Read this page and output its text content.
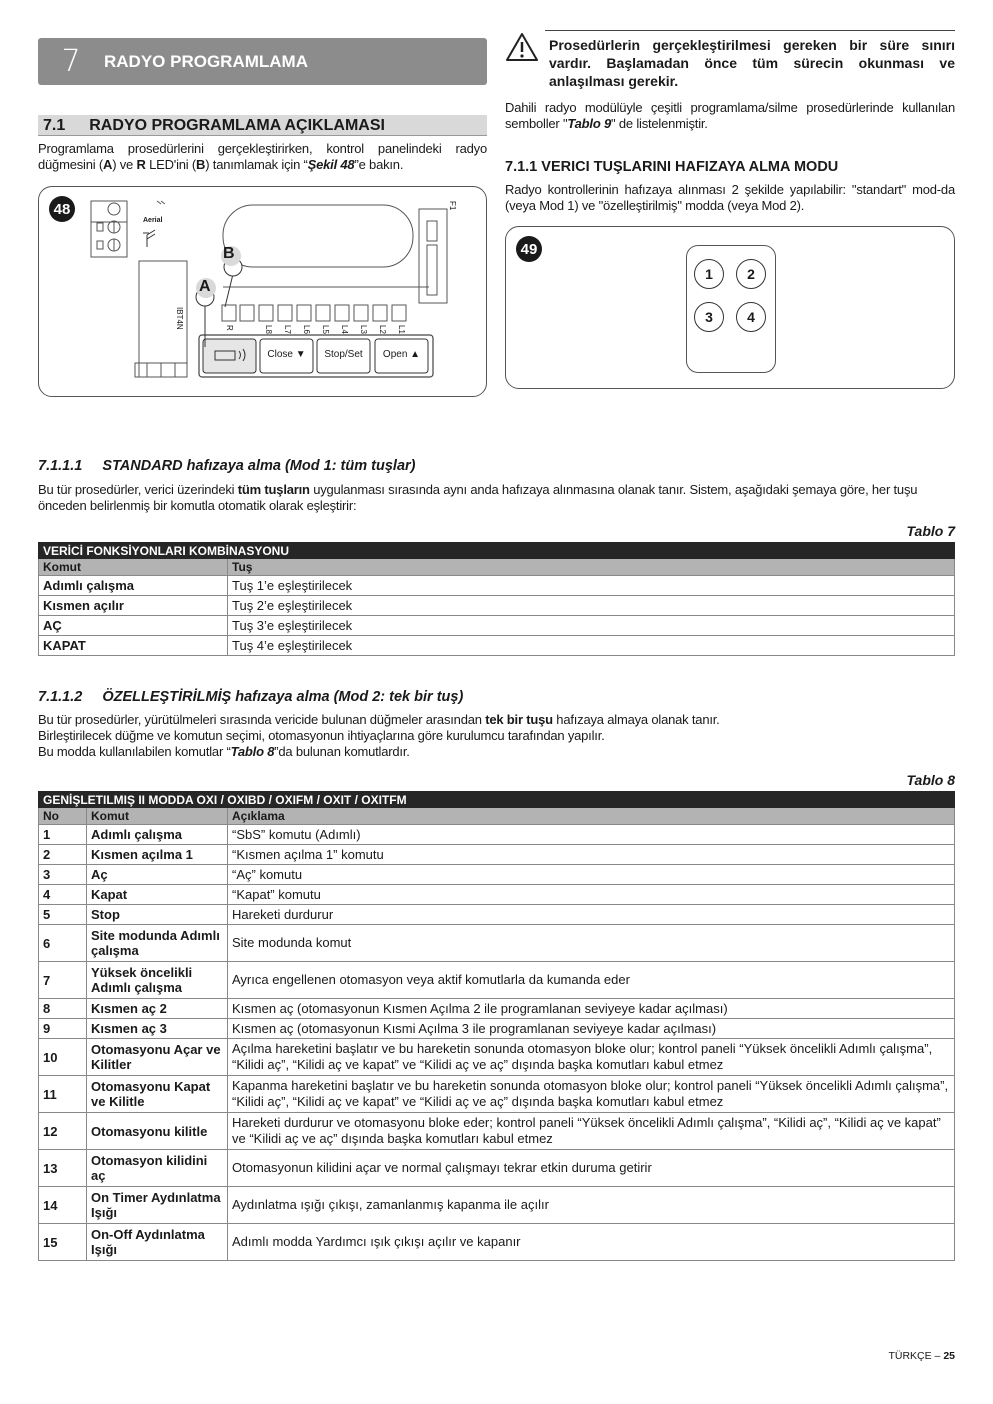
7	RADYO PROGRAMLAMA
7.1 RADYO PROGRAMLAMA AÇIKLAMASI
Programlama prosedürlerini gerçekleştirirken, kontrol panelindeki radyo düğmesini (A) ve R LED'ini (B) tanımlamak için “Şekil 48”e bakın.
48
Aerial
B
A
IBT4N	R	L8 L7 L6 L5 L4 L3 L2 L1
F1
Close ▼	Stop/Set	Open ▲
Prosedürlerin gerçekleştirilmesi gereken bir süre sınırı vardır. Başlamadan önce tüm sürecin okunması ve anlaşılması gerekir.
Dahili radyo modülüyle çeşitli programlama/silme prosedürlerinde kullanılan semboller "Tablo 9" de listelenmiştir.
7.1.1 VERICI TUŞLARINI HAFIZAYA ALMA MODU
Radyo kontrollerinin hafızaya alınması 2 şekilde yapılabilir: "standart" mod-da (veya Mod 1) ve "özelleştirilmiş" modda (veya Mod 2).
49
1	2
3	4
7.1.1.1 STANDARD hafızaya alma (Mod 1: tüm tuşlar)
Bu tür prosedürler, verici üzerindeki tüm tuşların uygulanması sırasında aynı anda hafızaya alınmasına olanak tanır. Sistem, aşağıdaki şemaya göre, her tuşu önceden belirlenmiş bir komutla otomatik olarak eşleştirir:
Tablo 7
VERİCİ FONKSİYONLARI KOMBİNASYONU	
Komut	Tuş
Adımlı çalışma	Tuş 1’e eşleştirilecek
Kısmen açılır	Tuş 2’e eşleştirilecek
AÇ	Tuş 3’e eşleştirilecek
KAPAT	Tuş 4’e eşleştirilecek
7.1.1.2 ÖZELLEŞTİRİLMİŞ hafızaya alma (Mod 2: tek bir tuş)
Bu tür prosedürler, yürütülmeleri sırasında vericide bulunan düğmeler arasından tek bir tuşu hafızaya almaya olanak tanır.
Birleştirilecek düğme ve komutun seçimi, otomasyonun ihtiyaçlarına göre kurulumcu tarafından yapılır.
Bu modda kullanılabilen komutlar “Tablo 8”da bulunan komutlardır.
Tablo 8
GENİŞLETILMIŞ II MODDA OXI / OXIBD / OXIFM / OXIT / OXITFM		
No	Komut	Açıklama
1	Adımlı çalışma	“SbS” komutu (Adımlı)
2	Kısmen açılma 1	“Kısmen açılma 1” komutu
3	Aç	“Aç” komutu
4	Kapat	“Kapat” komutu
5	Stop	Hareketi durdurur
6	Site modunda Adımlı çalışma	Site modunda komut
7	Yüksek öncelikli Adımlı çalışma	Ayrıca engellenen otomasyon veya aktif komutlarla da kumanda eder
8	Kısmen aç 2	Kısmen aç (otomasyonun Kısmen Açılma 2 ile programlanan seviyeye kadar açılması)
9	Kısmen aç 3	Kısmen aç (otomasyonun Kısmi Açılma 3 ile programlanan seviyeye kadar açılması)
10	Otomasyonu Açar ve Kilitler	Açılma hareketini başlatır ve bu hareketin sonunda otomasyon bloke olur; kontrol paneli “Yüksek öncelikli Adımlı çalışma”, “Kilidi aç”, “Kilidi aç ve kapat” ve “Kilidi aç ve aç” dışında başka komutları kabul etmez
11	Otomasyonu Kapat ve Kilitle	Kapanma hareketini başlatır ve bu hareketin sonunda otomasyon bloke olur; kontrol paneli “Yüksek öncelikli Adımlı çalışma”, “Kilidi aç”, “Kilidi aç ve kapat” ve “Kilidi aç ve aç” dışında başka komutları kabul etmez
12	Otomasyonu kilitle	Hareketi durdurur ve otomasyonu bloke eder; kontrol paneli “Yüksek öncelikli Adımlı çalışma”, “Kilidi aç”, “Kilidi aç ve kapat” ve “Kilidi aç ve aç” dışında başka komutları kabul etmez
13	Otomasyon kilidini aç	Otomasyonun kilidini açar ve normal çalışmayı tekrar etkin duruma getirir
14	On Timer Aydınlatma Işığı	Aydınlatma ışığı çıkışı, zamanlanmış kapanma ile açılır
15	On-Off Aydınlatma Işığı	Adımlı modda Yardımcı ışık çıkışı açılır ve kapanır
TÜRKÇE – 25
